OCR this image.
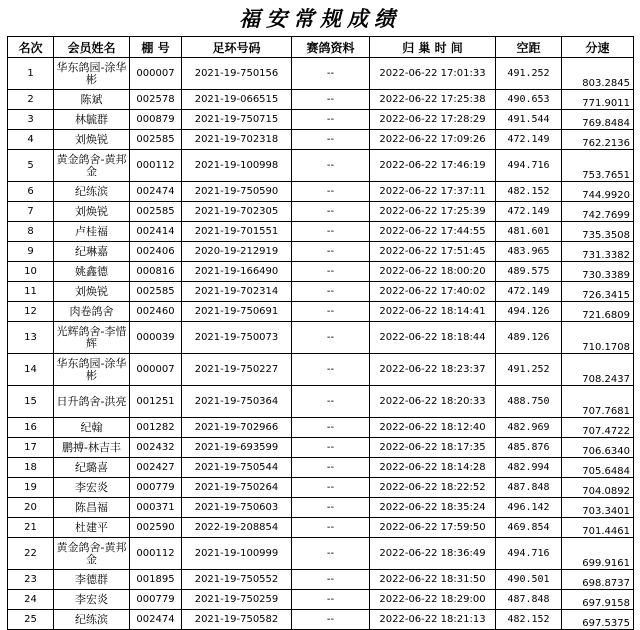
福安常规成绩
名次	会员姓名	棚 号	足环号码	赛鸽资料	归 巢 时 间	空距	分速
1	华东鸽园-涂华彬	000007	2021-19-750156	--	2022-06-22 17:01:33	491.252	803.2845
2	陈斌	002578	2021-19-066515	--	2022-06-22 17:25:38	490.653	771.9011
3	林毓群	000879	2021-19-750715	--	2022-06-22 17:28:29	491.544	769.8484
4	刘焕锐	002585	2021-19-702318	--	2022-06-22 17:09:26	472.149	762.2136
5	黄金鸽舍-黄邦金	000112	2021-19-100998	--	2022-06-22 17:46:19	494.716	753.7651
6	纪练滨	002474	2021-19-750590	--	2022-06-22 17:37:11	482.152	744.9920
7	刘焕锐	002585	2021-19-702305	--	2022-06-22 17:25:39	472.149	742.7699
8	卢桂福	002414	2021-19-701551	--	2022-06-22 17:44:55	481.601	735.3508
9	纪琳嘉	002406	2020-19-212919	--	2022-06-22 17:51:45	483.965	731.3382
10	姚鑫德	000816	2021-19-166490	--	2022-06-22 18:00:20	489.575	730.3389
11	刘焕锐	002585	2021-19-702314	--	2022-06-22 17:40:02	472.149	726.3415
12	肉卷鸽舍	002460	2021-19-750691	--	2022-06-22 18:14:41	494.126	721.6809
13	光辉鸽舍-李惜辉	000039	2021-19-750073	--	2022-06-22 18:18:44	489.126	710.1708
14	华东鸽园-涂华彬	000007	2021-19-750227	--	2022-06-22 18:23:37	491.252	708.2437
15	日升鸽舍-洪亮	001251	2021-19-750364	--	2022-06-22 18:20:33	488.750	707.7681
16	纪翰	001282	2021-19-702966	--	2022-06-22 18:12:40	482.969	707.4722
17	鹏搏-林吉丰	002432	2021-19-693599	--	2022-06-22 18:17:35	485.876	706.6340
18	纪璐喜	002427	2021-19-750544	--	2022-06-22 18:14:28	482.994	705.6484
19	李宏炎	000779	2021-19-750264	--	2022-06-22 18:22:52	487.848	704.0892
20	陈昌福	000371	2021-19-750603	--	2022-06-22 18:35:24	496.142	703.3401
21	杜建平	002590	2022-19-208854	--	2022-06-22 17:59:50	469.854	701.4461
22	黄金鸽舍-黄邦金	000112	2021-19-100999	--	2022-06-22 18:36:49	494.716	699.9161
23	李德群	001895	2021-19-750552	--	2022-06-22 18:31:50	490.501	698.8737
24	李宏炎	000779	2021-19-750259	--	2022-06-22 18:29:00	487.848	697.9158
25	纪练滨	002474	2021-19-750582	--	2022-06-22 18:21:13	482.152	697.5375
